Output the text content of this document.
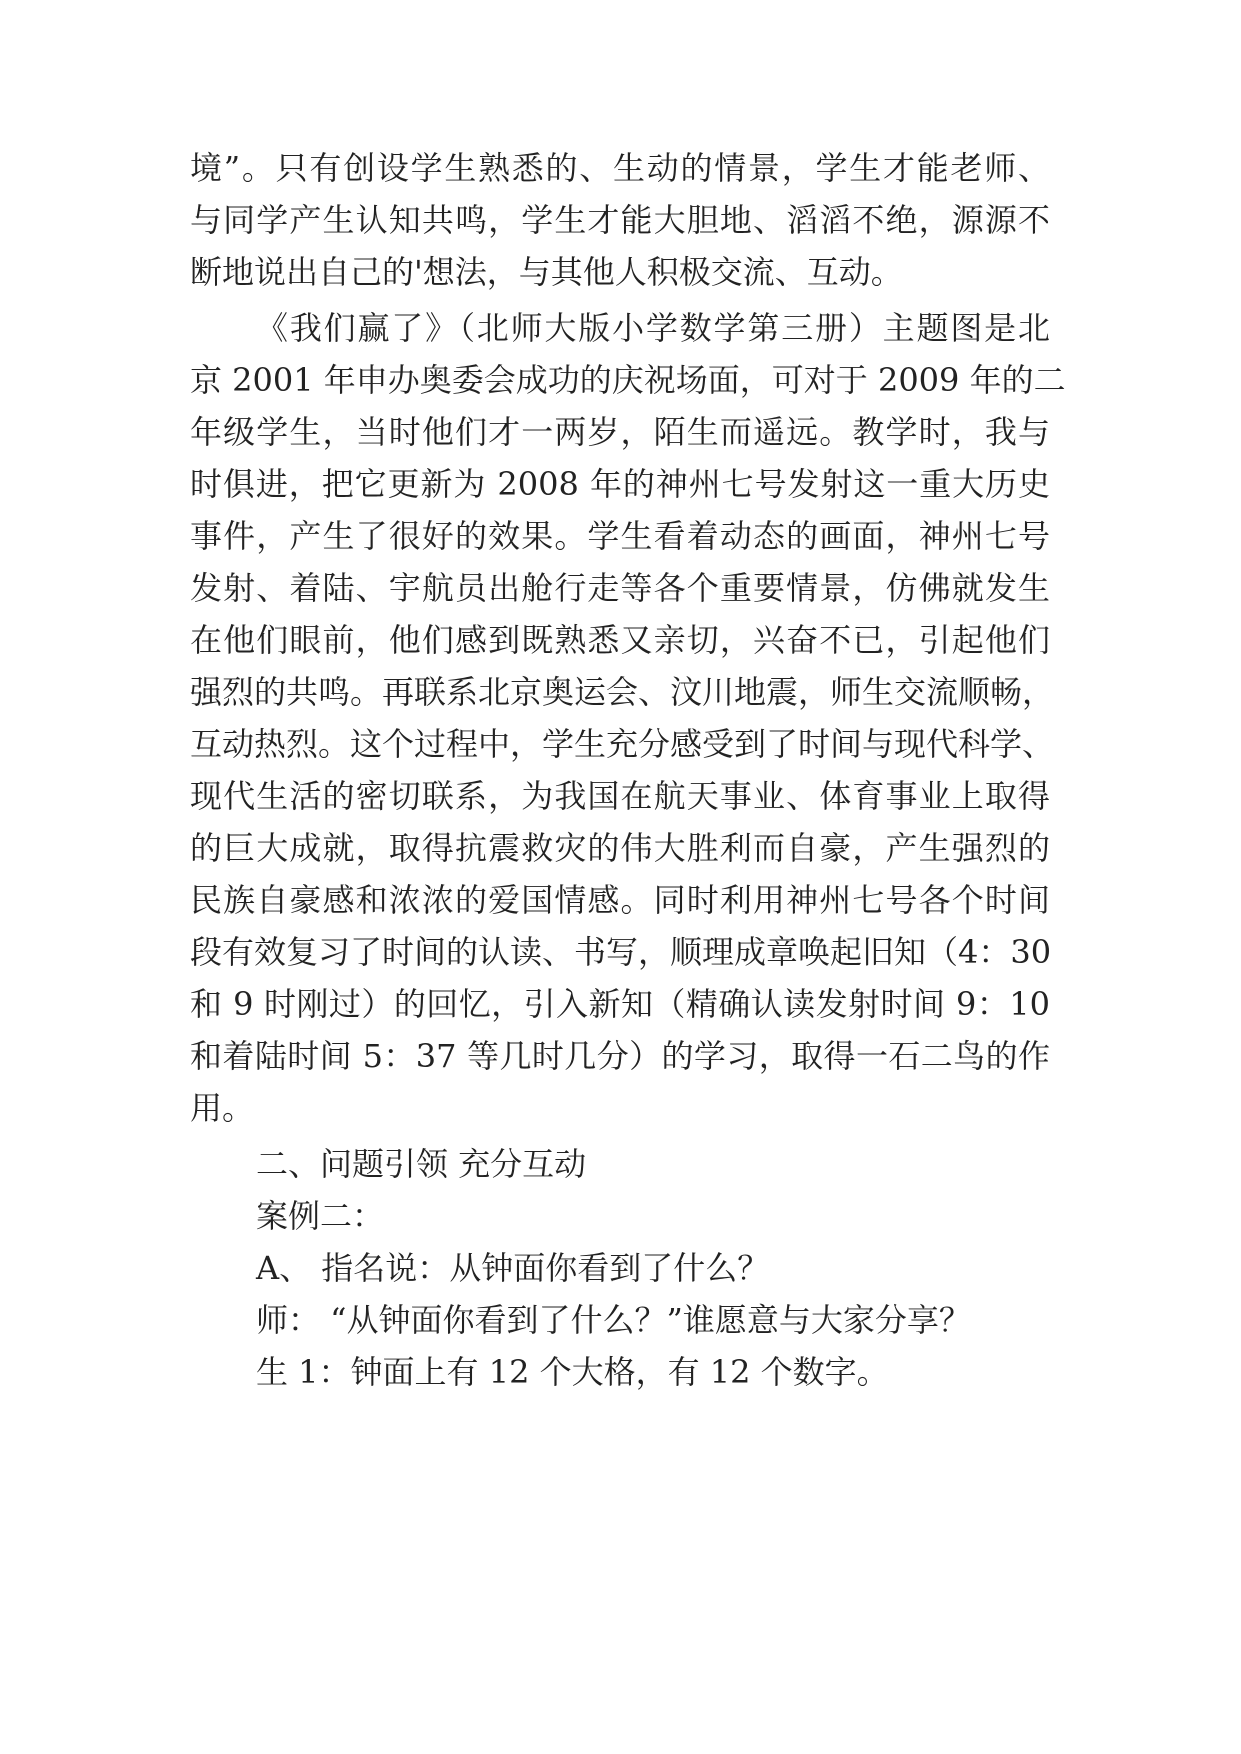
境”。只有创设学生熟悉的、生动的情景，学生才能老师、
与同学产生认知共鸣，学生才能大胆地、滔滔不绝，源源不
断地说出自己的'想法，与其他人积极交流、互动。
《我们赢了》（北师大版小学数学第三册）主题图是北
京 2001 年申办奥委会成功的庆祝场面，可对于 2009 年的二
年级学生，当时他们才一两岁，陌生而遥远。教学时，我与
时俱进，把它更新为 2008 年的神州七号发射这一重大历史
事件，产生了很好的效果。学生看着动态的画面，神州七号
发射、着陆、宇航员出舱行走等各个重要情景，仿佛就发生
在他们眼前，他们感到既熟悉又亲切，兴奋不已，引起他们
强烈的共鸣。再联系北京奥运会、汶川地震，师生交流顺畅，
互动热烈。这个过程中，学生充分感受到了时间与现代科学、
现代生活的密切联系，为我国在航天事业、体育事业上取得
的巨大成就，取得抗震救灾的伟大胜利而自豪，产生强烈的
民族自豪感和浓浓的爱国情感。同时利用神州七号各个时间
段有效复习了时间的认读、书写，顺理成章唤起旧知（4：30
和 9 时刚过）的回忆，引入新知（精确认读发射时间 9：10
和着陆时间 5：37 等几时几分）的学习，取得一石二鸟的作
用。
二、问题引领 充分互动
案例二：
A、 指名说：从钟面你看到了什么？
师： “从钟面你看到了什么？”谁愿意与大家分享？
生 1：钟面上有 12 个大格，有 12 个数字。
